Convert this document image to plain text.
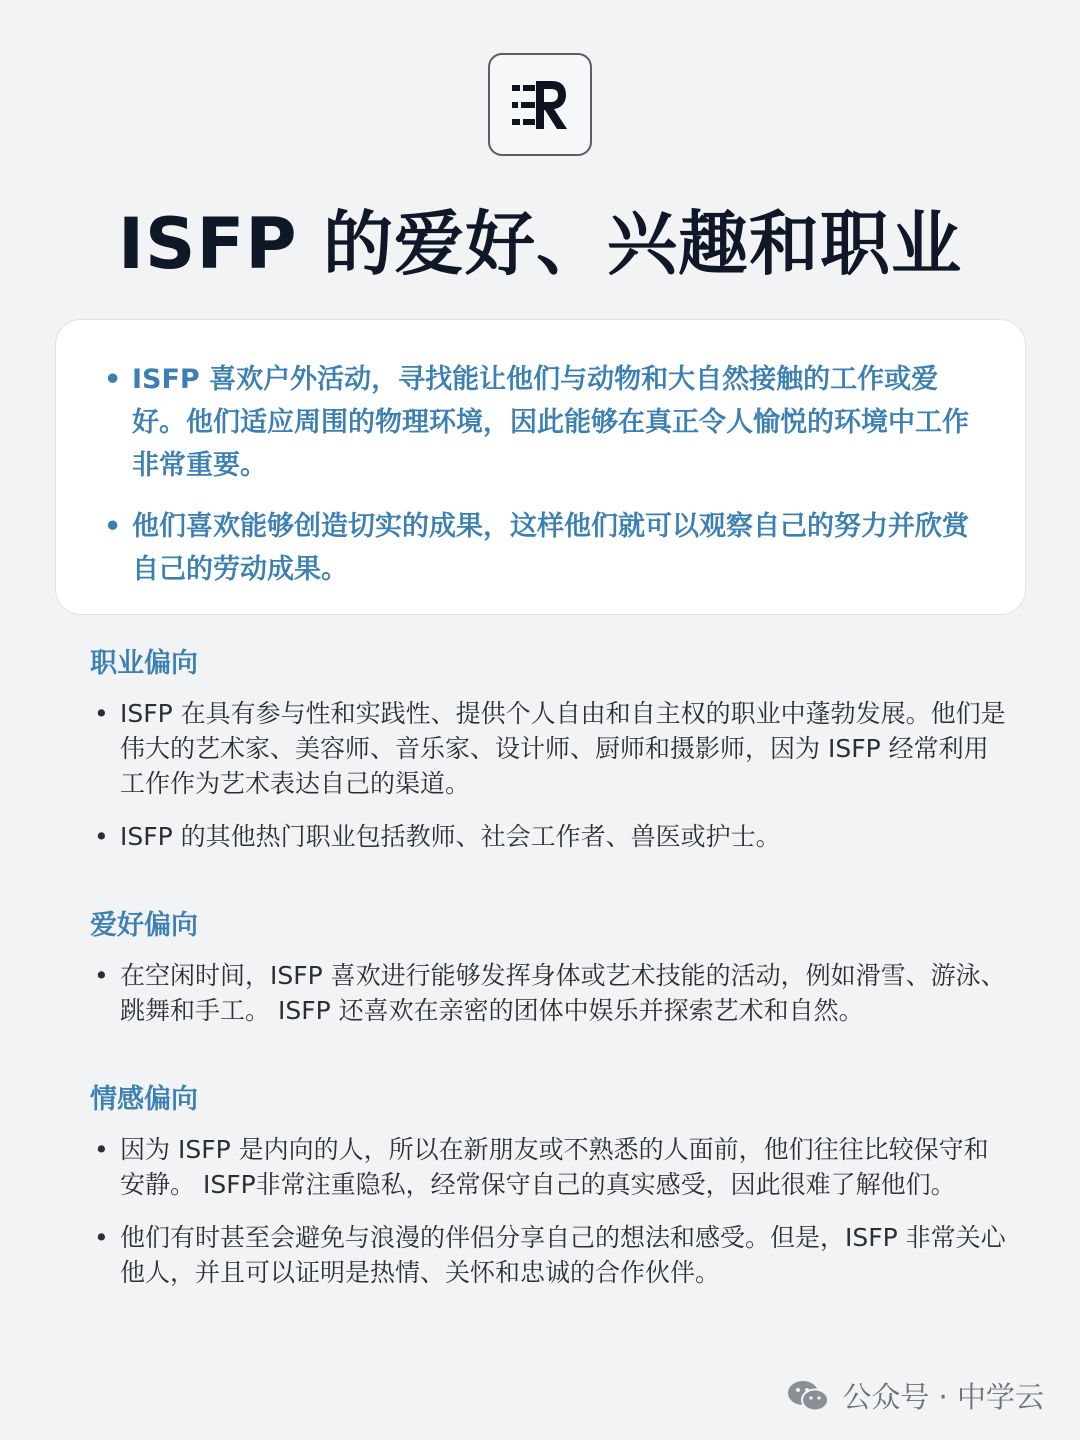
ISFP 的爱好、兴趣和职业

• ISFP 喜欢户外活动，寻找能让他们与动物和大自然接触的工作或爱好。他们适应周围的物理环境，因此能够在真正令人愉悦的环境中工作非常重要。

• 他们喜欢能够创造切实的成果，这样他们就可以观察自己的努力并欣赏自己的劳动成果。

职业偏向

• ISFP 在具有参与性和实践性、提供个人自由和自主权的职业中蓬勃发展。他们是伟大的艺术家、美容师、音乐家、设计师、厨师和摄影师，因为 ISFP 经常利用工作作为艺术表达自己的渠道。

• ISFP 的其他热门职业包括教师、社会工作者、兽医或护士。

爱好偏向

• 在空闲时间，ISFP 喜欢进行能够发挥身体或艺术技能的活动，例如滑雪、游泳、跳舞和手工。 ISFP 还喜欢在亲密的团体中娱乐并探索艺术和自然。

情感偏向

• 因为 ISFP 是内向的人，所以在新朋友或不熟悉的人面前，他们往往比较保守和安静。 ISFP非常注重隐私，经常保守自己的真实感受，因此很难了解他们。

• 他们有时甚至会避免与浪漫的伴侣分享自己的想法和感受。但是，ISFP 非常关心他人，并且可以证明是热情、关怀和忠诚的合作伙伴。

公众号 · 中学云
